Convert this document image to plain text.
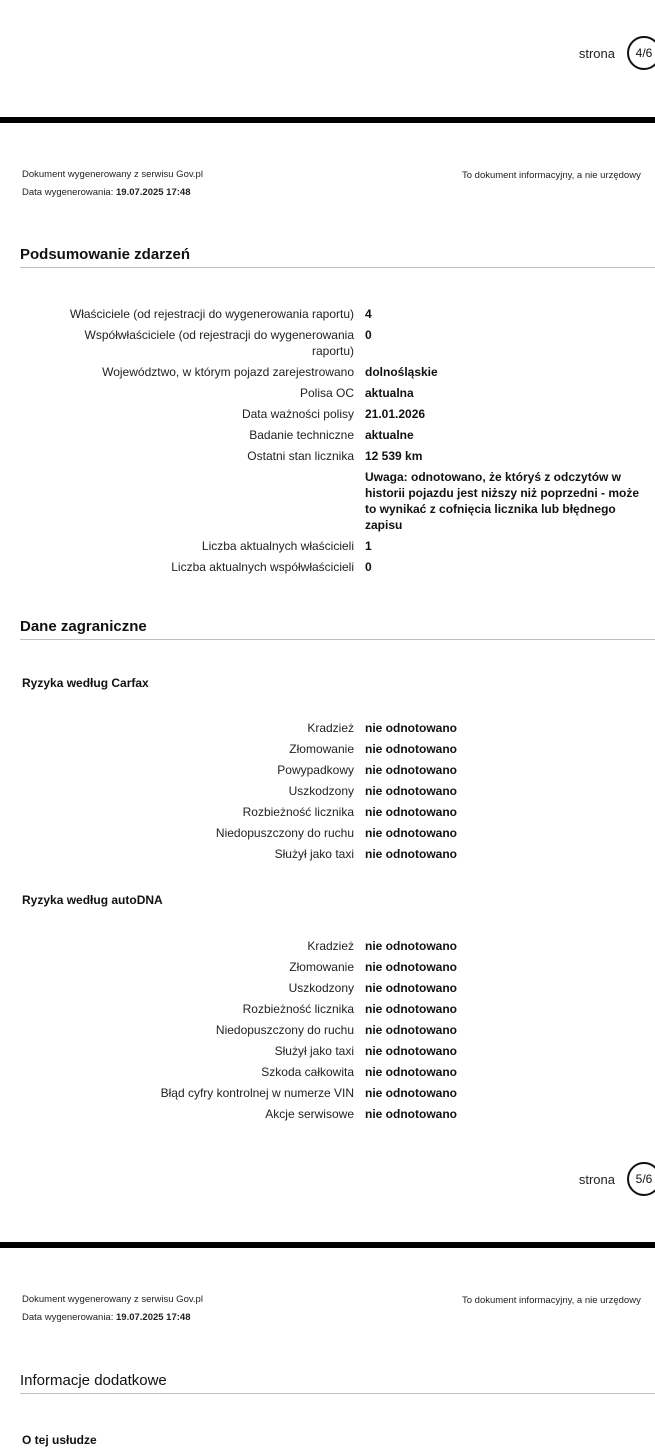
strona	4/6
Dokument wygenerowany z serwisu Gov.pl
Data wygenerowania: 19.07.2025 17:48
To dokument informacyjny, a nie urzędowy
Podsumowanie zdarzeń
Właściciele (od rejestracji do wygenerowania raportu) 4
Współwłaściciele (od rejestracji do wygenerowania raportu)
0
Województwo, w którym pojazd zarejestrowano dolnośląskie
Polisa OC aktualna
Data ważności polisy 21.01.2026
Badanie techniczne aktualne
Ostatni stan licznika 12 539 km
Uwaga: odnotowano, że któryś z odczytów w historii pojazdu jest niższy niż poprzedni - może to wynikać z cofnięcia licznika lub błędnego zapisu
Liczba aktualnych właścicieli 1
Liczba aktualnych współwłaścicieli 0
Dane zagraniczne
Ryzyka według Carfax
Kradzież nie odnotowano
Złomowanie nie odnotowano
Powypadkowy nie odnotowano
Uszkodzony nie odnotowano
Rozbieżność licznika nie odnotowano
Niedopuszczony do ruchu nie odnotowano
Służył jako taxi nie odnotowano
Ryzyka według autoDNA
Kradzież nie odnotowano
Złomowanie nie odnotowano
Uszkodzony nie odnotowano
Rozbieżność licznika nie odnotowano
Niedopuszczony do ruchu nie odnotowano
Służył jako taxi nie odnotowano
Szkoda całkowita nie odnotowano
Błąd cyfry kontrolnej w numerze VIN nie odnotowano
Akcje serwisowe nie odnotowano
strona	5/6
Dokument wygenerowany z serwisu Gov.pl
Data wygenerowania: 19.07.2025 17:48
To dokument informacyjny, a nie urzędowy
Informacje dodatkowe
O tej usłudze
